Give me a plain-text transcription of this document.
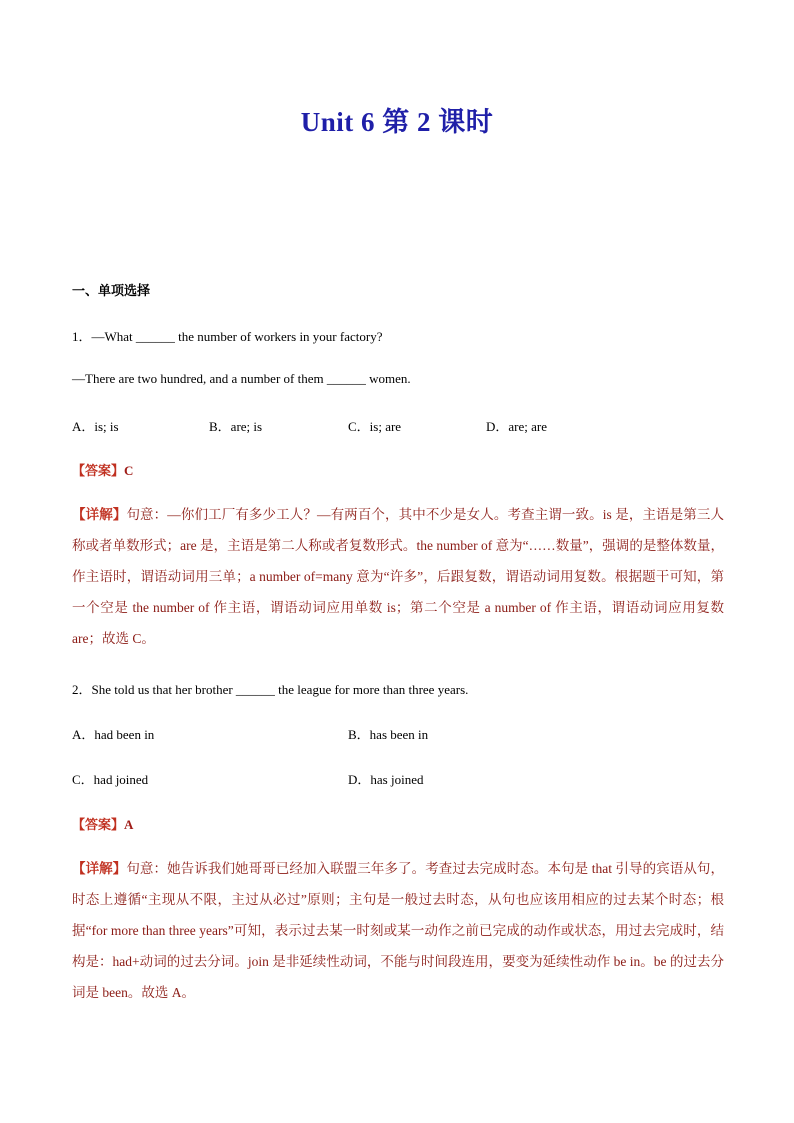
Unit 6 第 2 课时
一、单项选择
1．—What ______ the number of workers in your factory?
—There are two hundred, and a number of them ______ women.
A．is; is	B．are; is	C．is; are	D．are; are
【答案】C
【详解】句意：—你们工厂有多少工人？—有两百个，其中不少是女人。考查主谓一致。is 是，主语是第三人称或者单数形式；are 是，主语是第二人称或者复数形式。the number of 意为“……数量”，强调的是整体数量，作主语时，谓语动词用三单；a number of=many 意为“许多”，后跟复数，谓语动词用复数。根据题干可知，第一个空是 the number of 作主语，谓语动词应用单数 is；第二个空是 a number of 作主语，谓语动词应用复数 are；故选 C。
2．She told us that her brother ______ the league for more than three years.
A．had been in	B．has been in
C．had joined	D．has joined
【答案】A
【详解】句意：她告诉我们她哥哥已经加入联盟三年多了。考查过去完成时态。本句是 that 引导的宾语从句，时态上遵循“主现从不限，主过从必过”原则；主句是一般过去时态，从句也应该用相应的过去某个时态；根据“for more than three years”可知，表示过去某一时刻或某一动作之前已完成的动作或状态，用过去完成时，结构是：had+动词的过去分词。join 是非延续性动词，不能与时间段连用，要变为延续性动作 be in。be 的过去分词是 been。故选 A。
